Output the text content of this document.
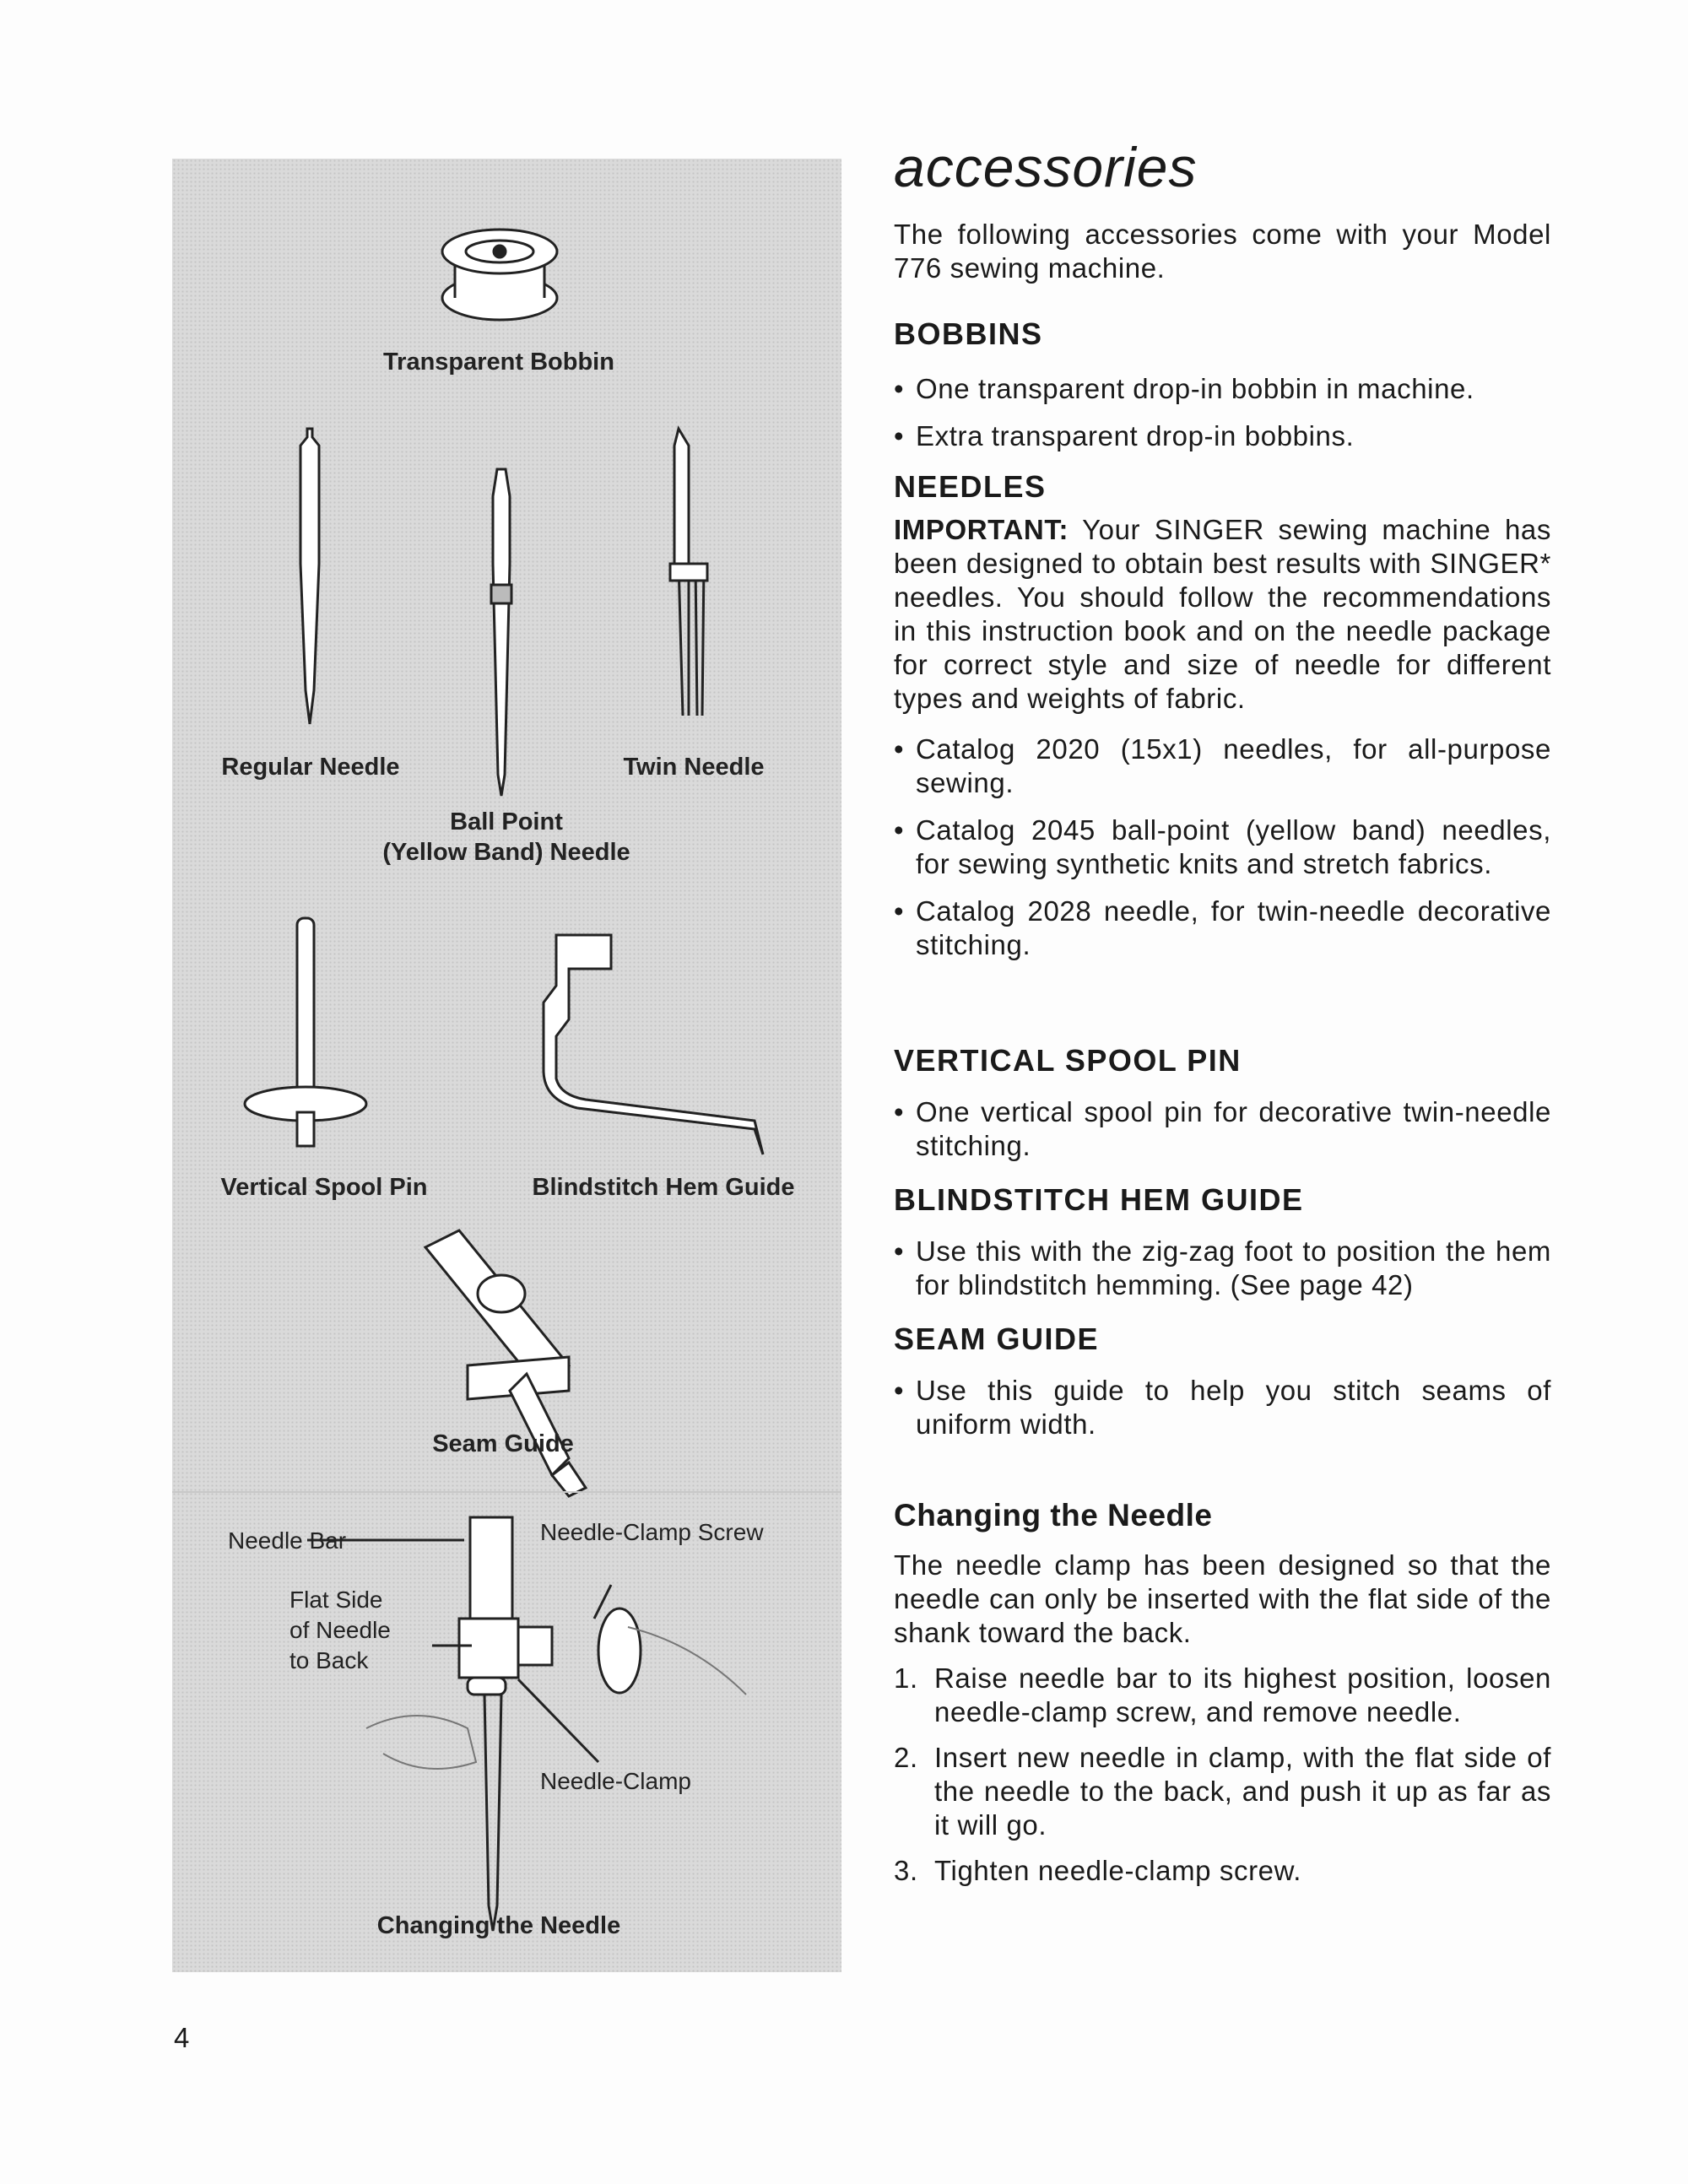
Transparent Bobbin
Regular Needle	Twin Needle
Ball Point
(Yellow Band) Needle
Vertical Spool Pin	Blindstitch Hem Guide
Seam Guide
Needle Bar	Needle-Clamp Screw
Flat Side
of Needle
to Back
Needle-Clamp
Changing the Needle
accessories

The following accessories come with your Model 776 sewing machine.

BOBBINS

• One transparent drop-in bobbin in machine.
• Extra transparent drop-in bobbins.

NEEDLES

IMPORTANT: Your SINGER sewing machine has been designed to obtain best results with SINGER* needles. You should follow the recommendations in this instruction book and on the needle package for correct style and size of needle for different types and weights of fabric.

• Catalog 2020 (15x1) needles, for all-purpose sewing.
• Catalog 2045 ball-point (yellow band) needles, for sewing synthetic knits and stretch fabrics.
• Catalog 2028 needle, for twin-needle decorative stitching.

VERTICAL SPOOL PIN

• One vertical spool pin for decorative twin-needle stitching.

BLINDSTITCH HEM GUIDE

• Use this with the zig-zag foot to position the hem for blindstitch hemming. (See page 42)

SEAM GUIDE

• Use this guide to help you stitch seams of uniform width.

Changing the Needle

The needle clamp has been designed so that the needle can only be inserted with the flat side of the shank toward the back.

1. Raise needle bar to its highest position, loosen needle-clamp screw, and remove needle.
2. Insert new needle in clamp, with the flat side of the needle to the back, and push it up as far as it will go.
3. Tighten needle-clamp screw.
4
